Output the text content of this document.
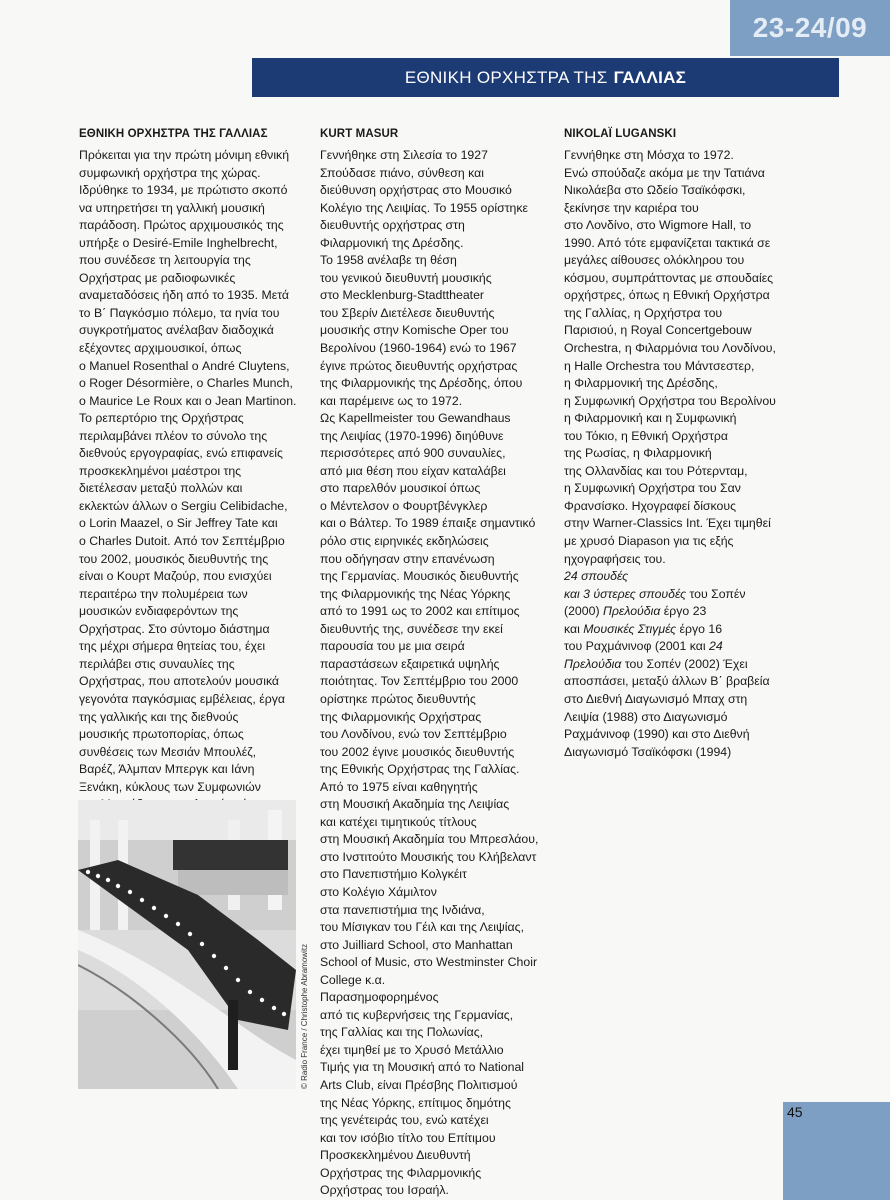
23-24/09
ΕΘΝΙΚΗ ΟΡΧΗΣΤΡΑ ΤΗΣ ΓΑΛΛΙΑΣ
ΕΘΝΙΚΗ ΟΡΧΗΣΤΡΑ ΤΗΣ ΓΑΛΛΙΑΣ

Πρόκειται για την πρώτη μόνιμη εθνική

συμφωνική ορχήστρα της χώρας.

Ιδρύθηκε το 1934, με πρώτιστο σκοπό

να υπηρετήσει τη γαλλική μουσική

παράδοση. Πρώτος αρχιμουσικός της

υπήρξε ο Desiré-Emile Inghelbrecht,

που συνέδεσε τη λειτουργία της

Ορχήστρας με ραδιοφωνικές

αναμεταδόσεις ήδη από το 1935. Μετά

το Β΄ Παγκόσμιο πόλεμο, τα ηνία του

συγκροτήματος ανέλαβαν διαδοχικά

εξέχοντες αρχιμουσικοί, όπως

ο Manuel Rosenthal ο André Cluytens,

ο Roger Désormière, ο Charles Munch,

ο Maurice Le Roux και ο Jean Martinon.

Το ρεπερτόριο της Ορχήστρας

περιλαμβάνει πλέον το σύνολο της

διεθνούς εργογραφίας, ενώ επιφανείς

προσκεκλημένοι μαέστροι της

διετέλεσαν μεταξύ πολλών και

εκλεκτών άλλων ο Sergiu Celibidache,

ο Lorin Maazel, ο Sir Jeffrey Tate και

ο Charles Dutoit. Από τον Σεπτέμβριο

του 2002, μουσικός διευθυντής της

είναι ο Κουρτ Μαζούρ, που ενισχύει

περαιτέρω την πολυμέρεια των

μουσικών ενδιαφερόντων της

Ορχήστρας. Στο σύντομο διάστημα

της μέχρι σήμερα θητείας του, έχει

περιλάβει στις συναυλίες της

Ορχήστρας, που αποτελούν μουσικά

γεγονότα παγκόσμιας εμβέλειας, έργα

της γαλλικής και της διεθνούς

μουσικής πρωτοπορίας, όπως

συνθέσεις των Μεσιάν Μπουλέζ,

Βαρέζ, Άλμπαν Μπεργκ και Ιάνη

Ξενάκη, κύκλους των Συμφωνιών

KURT MASUR

Γεννήθηκε στη Σιλεσία το 1927

Σπούδασε πιάνο, σύνθεση και

διεύθυνση ορχήστρας στο Μουσικό

Κολέγιο της Λειψίας. Το 1955 ορίστηκε

διευθυντής ορχήστρας στη

Φιλαρμονική της Δρέσδης.

Το 1958 ανέλαβε τη θέση

του γενικού διευθυντή μουσικής

στο Mecklenburg-Stadttheater

του Σβερίν Διετέλεσε διευθυντής

μουσικής στην Komische Oper του

Βερολίνου (1960-1964) ενώ το 1967

έγινε πρώτος διευθυντής ορχήστρας

της Φιλαρμονικής της Δρέσδης, όπου

και παρέμεινε ως το 1972.

Ως Kapellmeister του Gewandhaus

της Λειψίας (1970-1996) διηύθυνε

περισσότερες από 900 συναυλίες,

από μια θέση που είχαν καταλάβει

στο παρελθόν μουσικοί όπως

ο Μέντελσον ο Φουρτβένγκλερ

και ο Βάλτερ. Το 1989 έπαιξε σημαντικό

ρόλο στις ειρηνικές εκδηλώσεις

που οδήγησαν στην επανένωση

της Γερμανίας. Μουσικός διευθυντής

της Φιλαρμονικής της Νέας Υόρκης

από το 1991 ως το 2002 και επίτιμος

διευθυντής της, συνέδεσε την εκεί

παρουσία του με μια σειρά

παραστάσεων εξαιρετικά υψηλής

ποιότητας. Τον Σεπτέμβριο του 2000

ορίστηκε πρώτος διευθυντής

της Φιλαρμονικής Ορχήστρας

του Λονδίνου, ενώ τον Σεπτέμβριο

του 2002 έγινε μουσικός διευθυντής

της Εθνικής Ορχήστρας της Γαλλίας.

Από το 1975 είναι καθηγητής

στη Μουσική Ακαδημία της Λειψίας

και κατέχει τιμητικούς τίτλους

στη Μουσική Ακαδημία του Μπρεσλάου,

στο Ινστιτούτο Μουσικής του Κλήβελαντ

στο Πανεπιστήμιο Κολγκέιτ

στο Κολέγιο Χάμιλτον

στα πανεπιστήμια της Ινδιάνα,

του Μίσιγκαν του Γέιλ και της Λειψίας,

στο Juilliard School, στο Manhattan

School of Music, στο Westminster Choir

College κ.α.

Παρασημοφορημένος

από τις κυβερνήσεις της Γερμανίας,

της Γαλλίας και της Πολωνίας,

έχει τιμηθεί με το Χρυσό Μετάλλιο

Τιμής για τη Μουσική από το National

Arts Club, είναι Πρέσβης Πολιτισμού

της Νέας Υόρκης, επίτιμος δημότης

της γενέτειράς του, ενώ κατέχει

και τον ισόβιο τίτλο του Επίτιμου

Προσκεκλημένου Διευθυντή

Ορχήστρας της Φιλαρμονικής

Ορχήστρας του Ισραήλ.

NIKOLAΪ LUGANSKI

Γεννήθηκε στη Μόσχα το 1972.

Ενώ σπούδαζε ακόμα με την Τατιάνα

Νικολάεβα στο Ωδείο Τσαϊκόφσκι,

ξεκίνησε την καριέρα του

στο Λονδίνο, στο Wigmore Hall, το

1990. Από τότε εμφανίζεται τακτικά σε

μεγάλες αίθουσες ολόκληρου του

κόσμου, συμπράττοντας με σπουδαίες

ορχήστρες, όπως η Εθνική Ορχήστρα

της Γαλλίας, η Ορχήστρα του

Παρισιού, η Royal Concertgebouw

Orchestra, η Φιλαρμόνια του Λονδίνου,

η Halle Orchestra του Μάντσεστερ,

η Φιλαρμονική της Δρέσδης,

η Συμφωνική Ορχήστρα του Βερολίνου

η Φιλαρμονική και η Συμφωνική

του Τόκιο, η Εθνική Ορχήστρα

της Ρωσίας, η Φιλαρμονική

της Ολλανδίας και του Ρότερνταμ,

η Συμφωνική Ορχήστρα του Σαν

Φρανσίσκο. Ηχογραφεί δίσκους

στην Warner-Classics Int. Έχει τιμηθεί

με χρυσό Diapason για τις εξής

ηχογραφήσεις του.

24 σπουδές

και 3 ύστερες σπουδές του Σοπέν

(2000) Πρελούδια έργο 23

και Μουσικές Στιγμές έργο 16

του Ραχμάνινοφ (2001 και 24

Πρελούδια του Σοπέν (2002) Έχει

αποσπάσει, μεταξύ άλλων Β΄ βραβεία

στο Διεθνή Διαγωνισμό Μπαχ στη

Λειψία (1988) στο Διαγωνισμό

Ραχμάνινοφ (1990) και στο Διεθνή

Διαγωνισμό Τσαϊκόφσκι (1994)

© Radio France / Christophe Abramowitz
45
